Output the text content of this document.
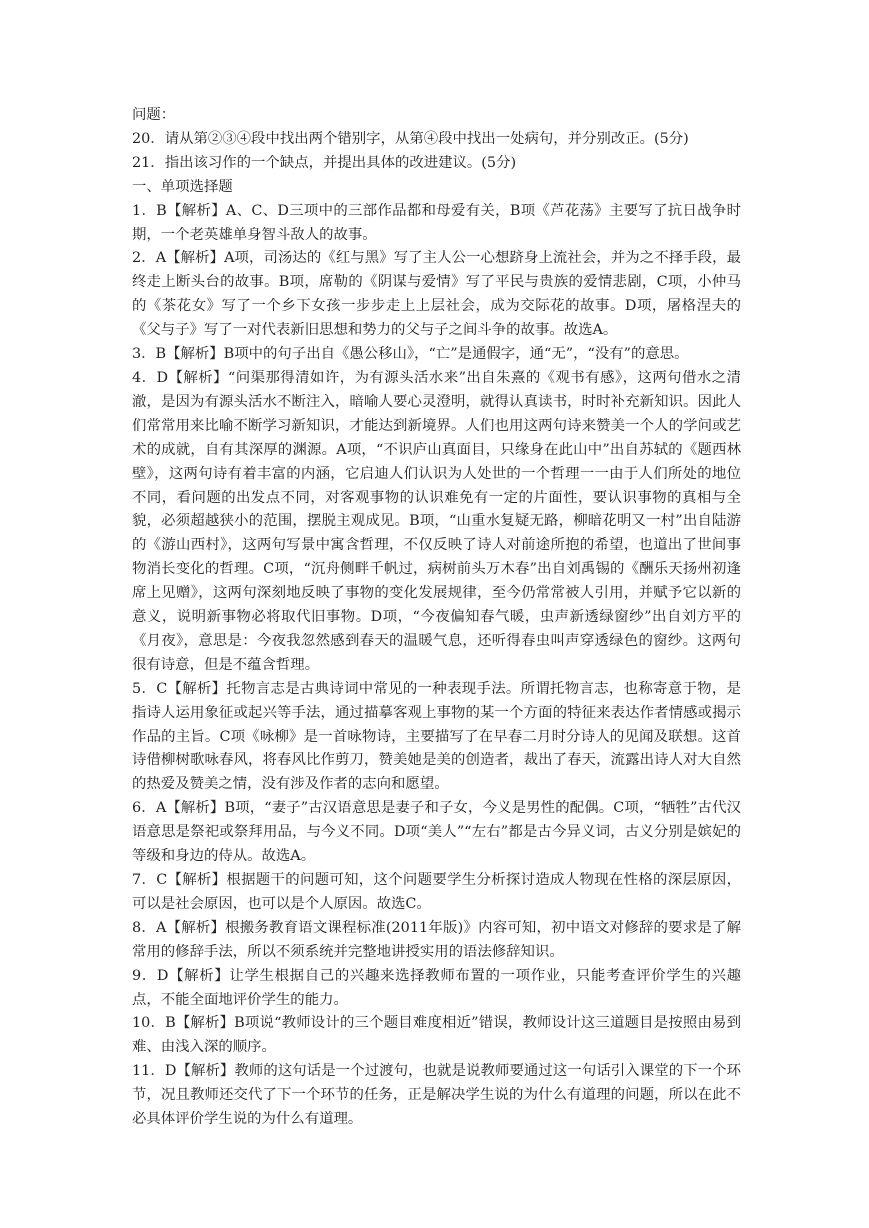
问题：

20．请从第②③④段中找出两个错别字，从第④段中找出一处病句，并分别改正。(5分)

21．指出该习作的一个缺点，并提出具体的改进建议。(5分)

一、单项选择题

1．B【解析】A、C、D三项中的三部作品都和母爱有关，B项《芦花荡》主要写了抗日战争时期，一个老英雄单身智斗敌人的故事。

2．A【解析】A项，司汤达的《红与黑》写了主人公一心想跻身上流社会，并为之不择手段，最终走上断头台的故事。B项，席勒的《阴谋与爱情》写了平民与贵族的爱情悲剧，C项，小仲马的《茶花女》写了一个乡下女孩一步步走上上层社会，成为交际花的故事。D项，屠格涅夫的《父与子》写了一对代表新旧思想和势力的父与子之间斗争的故事。故选A。

3．B【解析】B项中的句子出自《愚公移山》，“亡”是通假字，通“无”，“没有”的意思。

4．D【解析】“问渠那得清如许，为有源头活水来”出自朱熹的《观书有感》，这两句借水之清澈，是因为有源头活水不断注入，暗喻人要心灵澄明，就得认真读书，时时补充新知识。因此人们常常用来比喻不断学习新知识，才能达到新境界。人们也用这两句诗来赞美一个人的学问或艺术的成就，自有其深厚的渊源。A项，“不识庐山真面目，只缘身在此山中”出自苏轼的《题西林壁》，这两句诗有着丰富的内涵，它启迪人们认识为人处世的一个哲理一一由于人们所处的地位不同，看问题的出发点不同，对客观事物的认识难免有一定的片面性，要认识事物的真相与全貌，必须超越狭小的范围，摆脱主观成见。B项，“山重水复疑无路，柳暗花明又一村”出自陆游的《游山西村》，这两句写景中寓含哲理，不仅反映了诗人对前途所抱的希望，也道出了世间事物消长变化的哲理。C项，“沉舟侧畔千帆过，病树前头万木春”出自刘禹锡的《酬乐天扬州初逢席上见赠》，这两句深刻地反映了事物的变化发展规律，至今仍常常被人引用，并赋予它以新的意义，说明新事物必将取代旧事物。D项，“今夜偏知春气暖，虫声新透绿窗纱”出自刘方平的《月夜》，意思是：今夜我忽然感到春天的温暖气息，还听得春虫叫声穿透绿色的窗纱。这两句很有诗意，但是不蕴含哲理。

5．C【解析】托物言志是古典诗词中常见的一种表现手法。所谓托物言志，也称寄意于物，是指诗人运用象征或起兴等手法，通过描摹客观上事物的某一个方面的特征来表达作者情感或揭示作品的主旨。C项《咏柳》是一首咏物诗，主要描写了在早春二月时分诗人的见闻及联想。这首诗借柳树歌咏春风，将春风比作剪刀，赞美她是美的创造者，裁出了春天，流露出诗人对大自然的热爱及赞美之情，没有涉及作者的志向和愿望。

6．A【解析】B项，“妻子”古汉语意思是妻子和子女，今义是男性的配偶。C项，“牺牲”古代汉语意思是祭祀或祭拜用品，与今义不同。D项“美人”“左右”都是古今异义词，古义分别是嫔妃的等级和身边的侍从。故选A。

7．C【解析】根据题干的问题可知，这个问题要学生分析探讨造成人物现在性格的深层原因，可以是社会原因，也可以是个人原因。故选C。

8．A【解析】根搬务教育语文课程标准(2011年版)》内容可知，初中语文对修辞的要求是了解常用的修辞手法，所以不须系统并完整地讲授实用的语法修辞知识。

9．D【解析】让学生根据自己的兴趣来选择教师布置的一项作业，只能考查评价学生的兴趣点，不能全面地评价学生的能力。

10．B【解析】B项说“教师设计的三个题目难度相近”错误，教师设计这三道题目是按照由易到难、由浅入深的顺序。

11．D【解析】教师的这句话是一个过渡句，也就是说教师要通过这一句话引入课堂的下一个环节，况且教师还交代了下一个环节的任务，正是解决学生说的为什么有道理的问题，所以在此不必具体评价学生说的为什么有道理。
